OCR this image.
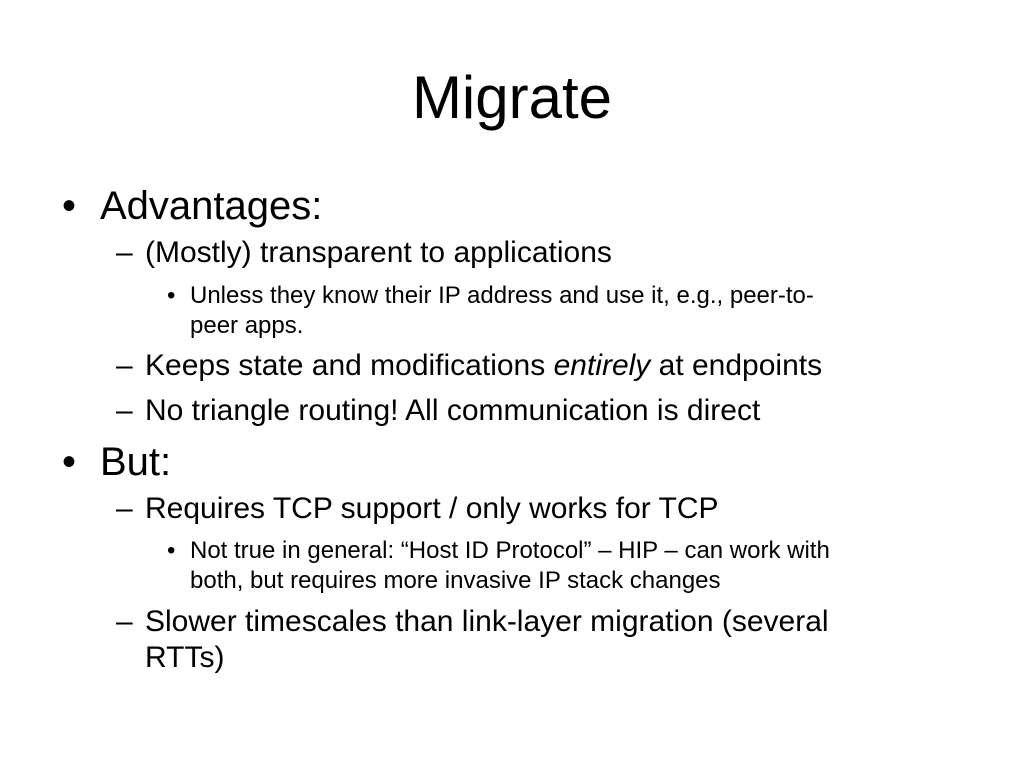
Migrate
• Advantages:
– (Mostly) transparent to applications
• Unless they know their IP address and use it, e.g., peer-to-
peer apps.
– Keeps state and modifications entirely at endpoints
– No triangle routing! All communication is direct
• But:
– Requires TCP support / only works for TCP
• Not true in general: “Host ID Protocol” – HIP – can work with
both, but requires more invasive IP stack changes
– Slower timescales than link-layer migration (several
RTTs)
